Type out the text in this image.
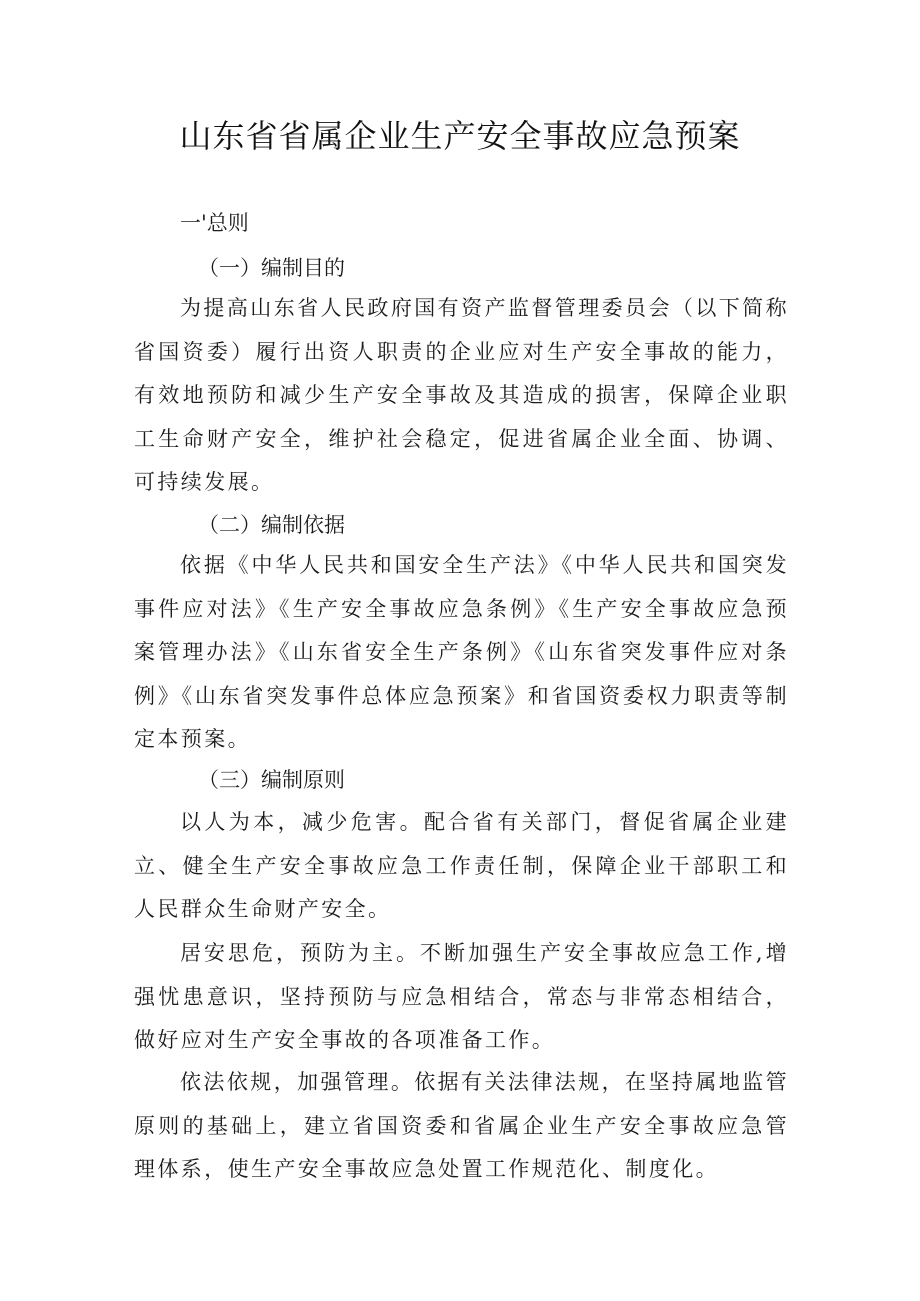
山东省省属企业生产安全事故应急预案

一'总则

（一）编制目的

为提高山东省人民政府国有资产监督管理委员会（以下简称省国资委）履行出资人职责的企业应对生产安全事故的能力，有效地预防和减少生产安全事故及其造成的损害，保障企业职工生命财产安全，维护社会稳定，促进省属企业全面、协调、可持续发展。

（二）编制依据

依据《中华人民共和国安全生产法》《中华人民共和国突发事件应对法》《生产安全事故应急条例》《生产安全事故应急预案管理办法》《山东省安全生产条例》《山东省突发事件应对条例》《山东省突发事件总体应急预案》和省国资委权力职责等制定本预案。

（三）编制原则

以人为本，减少危害。配合省有关部门，督促省属企业建立、健全生产安全事故应急工作责任制，保障企业干部职工和人民群众生命财产安全。

居安思危，预防为主。不断加强生产安全事故应急工作,增强忧患意识，坚持预防与应急相结合，常态与非常态相结合，做好应对生产安全事故的各项准备工作。

依法依规，加强管理。依据有关法律法规，在坚持属地监管原则的基础上，建立省国资委和省属企业生产安全事故应急管理体系，使生产安全事故应急处置工作规范化、制度化。
